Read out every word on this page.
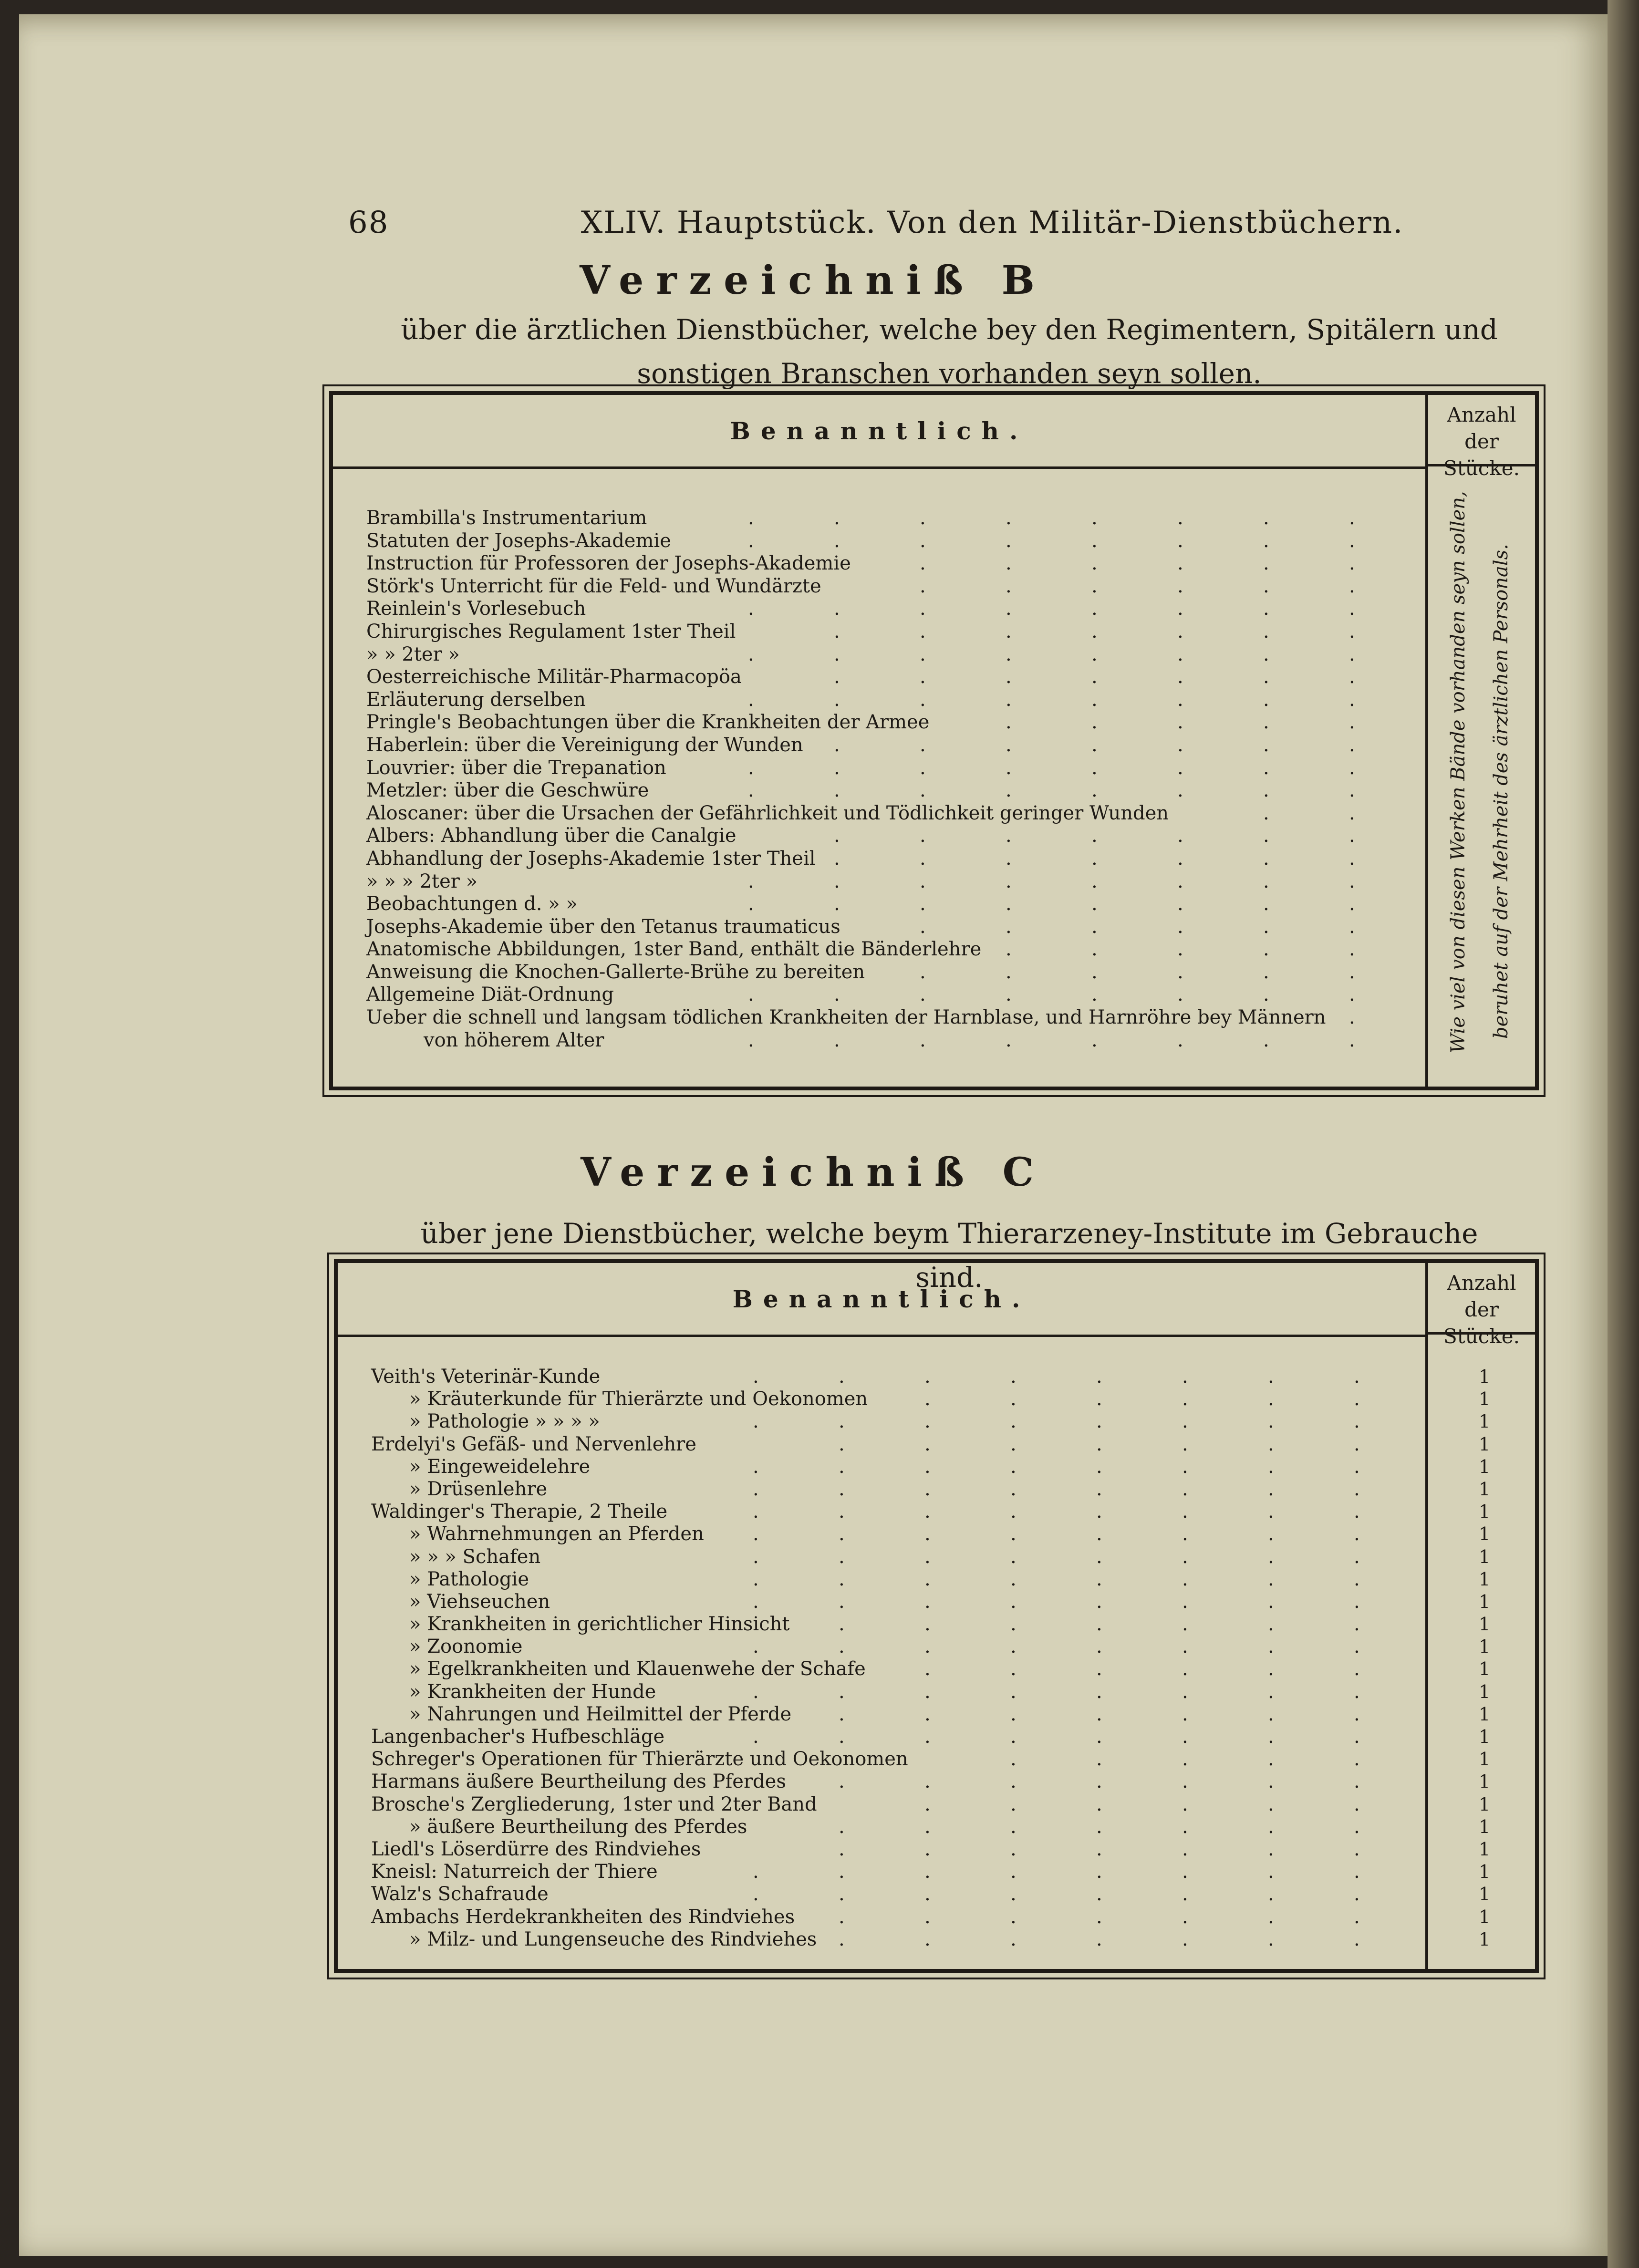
68	XLIV. Hauptstück. Von den Militär-Dienstbüchern.
Verzeichniß B
über die ärztlichen Dienstbücher, welche bey den Regimentern, Spitälern und sonstigen Branschen vorhanden seyn sollen.
Benanntlich.
Anzahl der Stücke.
Wie viel von diesen Werken Bände vorhanden seyn sollen, beruhet auf der Mehrheit des ärztlichen Personals.
Brambilla's Instrumentarium	.	.	.	.	.	.	.	.
Statuten der Josephs-Akademie	.	.	.	.	.	.	.	.
Instruction für Professoren der Josephs-Akademie	.	.	.	.	.	.
Störk's Unterricht für die Feld- und Wundärzte	.	.	.	.	.	.
Reinlein's Vorlesebuch	.	.	.	.	.	.	.	.
Chirurgisches Regulament 1ster Theil	.	.	.	.	.	.	.
» » 2ter »	.	.	.	.	.	.	.	.
Oesterreichische Militär-Pharmacopöa	.	.	.	.	.	.	.
Erläuterung derselben	.	.	.	.	.	.	.	.
Pringle's Beobachtungen über die Krankheiten der Armee	.	.	.	.	.
Haberlein: über die Vereinigung der Wunden .	.	.	.	.	.	.
Louvrier: über die Trepanation	.	.	.	.	.	.	.	.
Metzler: über die Geschwüre	.	.	.	.	.	.	.	.
Aloscaner: über die Ursachen der Gefährlichkeit und Tödlichkeit geringer Wunden	.	.
Albers: Abhandlung über die Canalgie	.	.	.	.	.	.	.
Abhandlung der Josephs-Akademie 1ster Theil .	.	.	.	.	.	.
» » » 2ter »	.	.	.	.	.	.	.	.
Beobachtungen d. » »	.	.	.	.	.	.	.	.
Josephs-Akademie über den Tetanus traumaticus	.	.	.	.	.	.
Anatomische Abbildungen, 1ster Band, enthält die Bänderlehre .	.	.	.	.
Anweisung die Knochen-Gallerte-Brühe zu bereiten	.	.	.	.	.	.
Allgemeine Diät-Ordnung	.	.	.	.	.	.	.	.
Ueber die schnell und langsam tödlichen Krankheiten der Harnblase, und Harnröhre bey Männern .
von höherem Alter	.	.	.	.	.	.	.	.
Verzeichniß C
über jene Dienstbücher, welche beym Thierarzeney-Institute im Gebrauche sind.
Benanntlich.
Anzahl der Stücke.
Veith's Veterinär-Kunde	.	.	.	.	.	.	.	.	1
» Kräuterkunde für Thierärzte und Oekonomen	.	.	.	.	.	.	1
» Pathologie » » » »	.	.	.	.	.	.	.	.	1
Erdelyi's Gefäß- und Nervenlehre	.	.	.	.	.	.	.	1
» Eingeweidelehre	.	.	.	.	.	.	.	.	1
» Drüsenlehre	.	.	.	.	.	.	.	.	1
Waldinger's Therapie, 2 Theile	.	.	.	.	.	.	.	.	1
» Wahrnehmungen an Pferden	.	.	.	.	.	.	.	.	1
» » » Schafen	.	.	.	.	.	.	.	.	1
» Pathologie	.	.	.	.	.	.	.	.	1
» Viehseuchen	.	.	.	.	.	.	.	.	1
» Krankheiten in gerichtlicher Hinsicht	.	.	.	.	.	.	.	1
» Zoonomie	.	.	.	.	.	.	.	.	1
» Egelkrankheiten und Klauenwehe der Schafe	.	.	.	.	.	.	1
» Krankheiten der Hunde	.	.	.	.	.	.	.	.	1
» Nahrungen und Heilmittel der Pferde .	.	.	.	.	.	.	1
Langenbacher's Hufbeschläge	.	.	.	.	.	.	.	.	1
Schreger's Operationen für Thierärzte und Oekonomen	.	.	.	.	.	1
Harmans äußere Beurtheilung des Pferdes	.	.	.	.	.	.	.	1
Brosche's Zergliederung, 1ster und 2ter Band	.	.	.	.	.	.	1
» äußere Beurtheilung des Pferdes	.	.	.	.	.	.	.	1
Liedl's Löserdürre des Rindviehes	.	.	.	.	.	.	.	1
Kneisl: Naturreich der Thiere	.	.	.	.	.	.	.	.	1
Walz's Schafraude	.	.	.	.	.	.	.	.	1
Ambachs Herdekrankheiten des Rindviehes .	.	.	.	.	.	.	1
» Milz- und Lungenseuche des Rindviehes .	.	.	.	.	.	.	1
